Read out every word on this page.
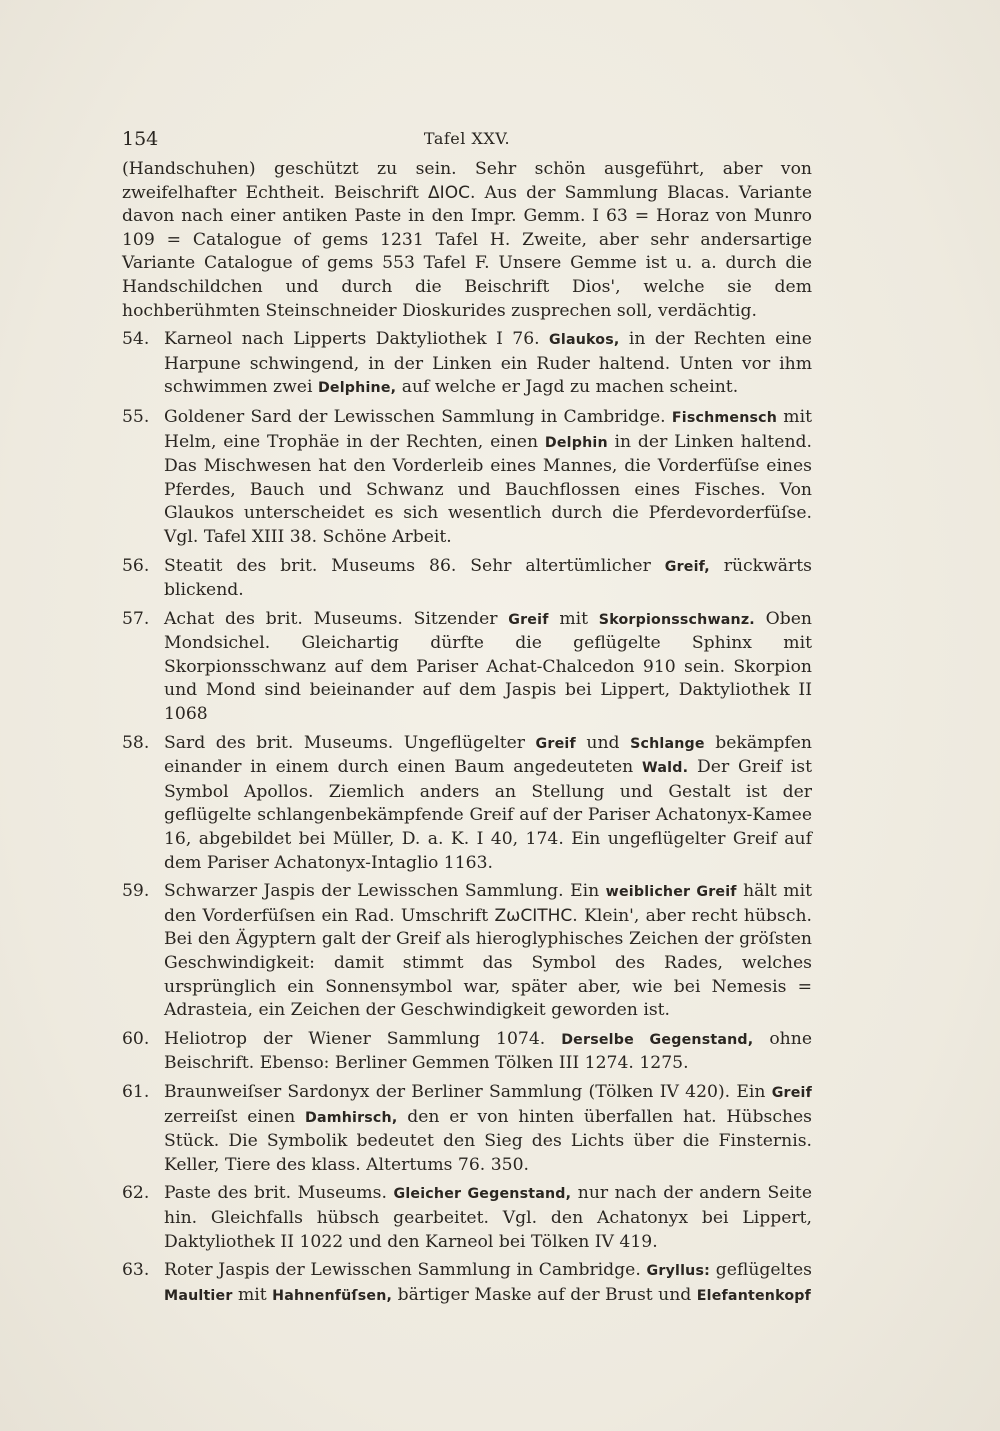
154	Tafel XXV.

(Handschuhen) geschützt zu sein. Sehr schön ausgeführt, aber von zweifelhafter Echtheit. Beischrift ΔΙΟC. Aus der Sammlung Blacas. Variante davon nach einer antiken Paste in den Impr. Gemm. I 63 = Horaz von Munro 109 = Catalogue of gems 1231 Tafel H. Zweite, aber sehr andersartige Variante Catalogue of gems 553 Tafel F. Unsere Gemme ist u. a. durch die Handschildchen und durch die Beischrift Dios', welche sie dem hochberühmten Steinschneider Dioskurides zusprechen soll, verdächtig.

54. Karneol nach Lipperts Daktyliothek I 76. Glaukos, in der Rechten eine Harpune schwingend, in der Linken ein Ruder haltend. Unten vor ihm schwimmen zwei Delphine, auf welche er Jagd zu machen scheint.
55. Goldener Sard der Lewisschen Sammlung in Cambridge. Fischmensch mit Helm, eine Trophäe in der Rechten, einen Delphin in der Linken haltend. Das Mischwesen hat den Vorderleib eines Mannes, die Vorderfüſse eines Pferdes, Bauch und Schwanz und Bauchflossen eines Fisches. Von Glaukos unterscheidet es sich wesentlich durch die Pferdevorderfüſse. Vgl. Tafel XIII 38. Schöne Arbeit.
56. Steatit des brit. Museums 86. Sehr altertümlicher Greif, rückwärts blickend.
57. Achat des brit. Museums. Sitzender Greif mit Skorpionsschwanz. Oben Mondsichel. Gleichartig dürfte die geflügelte Sphinx mit Skorpionsschwanz auf dem Pariser Achat-Chalcedon 910 sein. Skorpion und Mond sind beieinander auf dem Jaspis bei Lippert, Daktyliothek II 1068
58. Sard des brit. Museums. Ungeflügelter Greif und Schlange bekämpfen einander in einem durch einen Baum angedeuteten Wald. Der Greif ist Symbol Apollos. Ziemlich anders an Stellung und Gestalt ist der geflügelte schlangenbekämpfende Greif auf der Pariser Achatonyx-Kamee 16, abgebildet bei Müller, D. a. K. I 40, 174. Ein ungeflügelter Greif auf dem Pariser Achatonyx-Intaglio 1163.
59. Schwarzer Jaspis der Lewisschen Sammlung. Ein weiblicher Greif hält mit den Vorderfüſsen ein Rad. Umschrift ZωCITHC. Klein', aber recht hübsch. Bei den Ägyptern galt der Greif als hieroglyphisches Zeichen der gröſsten Geschwindigkeit: damit stimmt das Symbol des Rades, welches ursprünglich ein Sonnensymbol war, später aber, wie bei Nemesis = Adrasteia, ein Zeichen der Geschwindigkeit geworden ist.
60. Heliotrop der Wiener Sammlung 1074. Derselbe Gegenstand, ohne Beischrift. Ebenso: Berliner Gemmen Tölken III 1274. 1275.
61. Braunweiſser Sardonyx der Berliner Sammlung (Tölken IV 420). Ein Greif zerreiſst einen Damhirsch, den er von hinten überfallen hat. Hübsches Stück. Die Symbolik bedeutet den Sieg des Lichts über die Finsternis. Keller, Tiere des klass. Altertums 76. 350.
62. Paste des brit. Museums. Gleicher Gegenstand, nur nach der andern Seite hin. Gleichfalls hübsch gearbeitet. Vgl. den Achatonyx bei Lippert, Daktyliothek II 1022 und den Karneol bei Tölken IV 419.
63. Roter Jaspis der Lewisschen Sammlung in Cambridge. Gryllus: geflügeltes Maultier mit Hahnenfüſsen, bärtiger Maske auf der Brust und Elefantenkopf
